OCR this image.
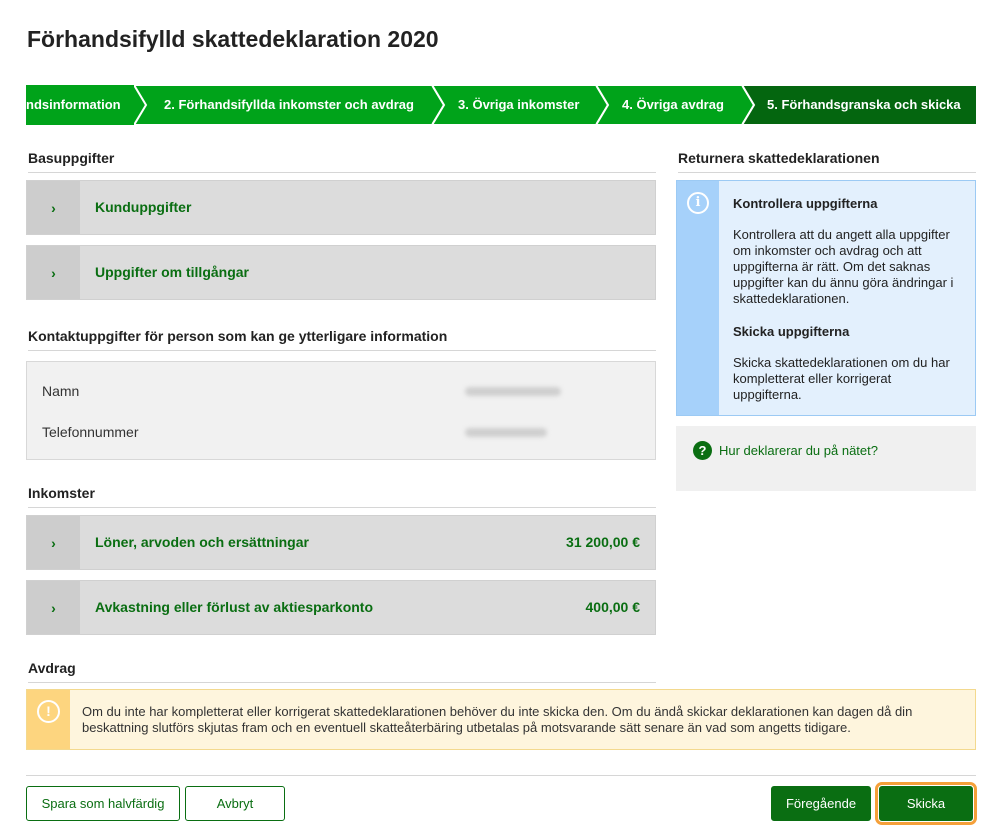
Förhandsifylld skattedeklaration 2020
ndsinformation	2. Förhandsifyllda inkomster och avdrag	3. Övriga inkomster	4. Övriga avdrag	5. Förhandsgranska och skicka
Basuppgifter
›	Kunduppgifter
›	Uppgifter om tillgångar
Kontaktuppgifter för person som kan ge ytterligare information
Namn
Telefonnummer
Inkomster
›	Löner, arvoden och ersättningar	31 200,00 €
›	Avkastning eller förlust av aktiesparkonto	400,00 €
Avdrag
Returnera skattedeklarationen
i	Kontrollera uppgifterna
Kontrollera att du angett alla uppgifter om inkomster och avdrag och att uppgifterna är rätt. Om det saknas uppgifter kan du ännu göra ändringar i skattedeklarationen.
Skicka uppgifterna
Skicka skattedeklarationen om du har kompletterat eller korrigerat uppgifterna.
? Hur deklarerar du på nätet?
!	Om du inte har kompletterat eller korrigerat skattedeklarationen behöver du inte skicka den. Om du ändå skickar deklarationen kan dagen då din beskattning slutförs skjutas fram och en eventuell skatteåterbäring utbetalas på motsvarande sätt senare än vad som angetts tidigare.
Spara som halvfärdig	Avbryt	Föregående	Skicka
